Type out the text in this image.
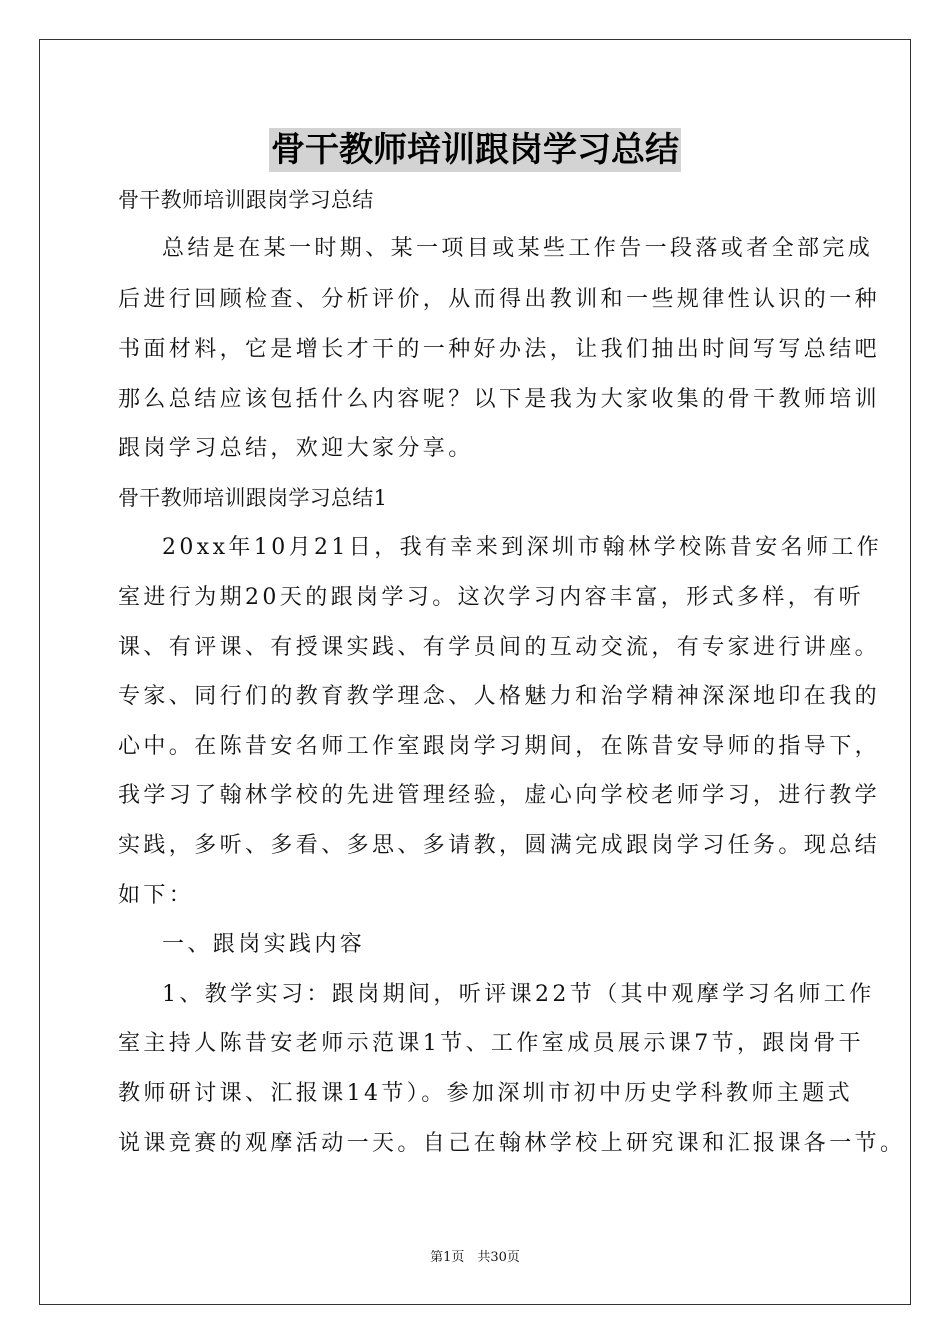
骨干教师培训跟岗学习总结
骨干教师培训跟岗学习总结
总结是在某一时期、某一项目或某些工作告一段落或者全部完成
后进行回顾检查、分析评价，从而得出教训和一些规律性认识的一种
书面材料，它是增长才干的一种好办法，让我们抽出时间写写总结吧
那么总结应该包括什么内容呢？以下是我为大家收集的骨干教师培训
跟岗学习总结，欢迎大家分享。
骨干教师培训跟岗学习总结1
20xx年10月21日，我有幸来到深圳市翰林学校陈昔安名师工作
室进行为期20天的跟岗学习。这次学习内容丰富，形式多样，有听
课、有评课、有授课实践、有学员间的互动交流，有专家进行讲座。
专家、同行们的教育教学理念、人格魅力和治学精神深深地印在我的
心中。在陈昔安名师工作室跟岗学习期间，在陈昔安导师的指导下，
我学习了翰林学校的先进管理经验，虚心向学校老师学习，进行教学
实践，多听、多看、多思、多请教，圆满完成跟岗学习任务。现总结
如下：
一、跟岗实践内容
1、教学实习：跟岗期间，听评课22节（其中观摩学习名师工作
室主持人陈昔安老师示范课1节、工作室成员展示课7节，跟岗骨干
教师研讨课、汇报课14节）。参加深圳市初中历史学科教师主题式
说课竞赛的观摩活动一天。自己在翰林学校上研究课和汇报课各一节。
第1页　共30页
